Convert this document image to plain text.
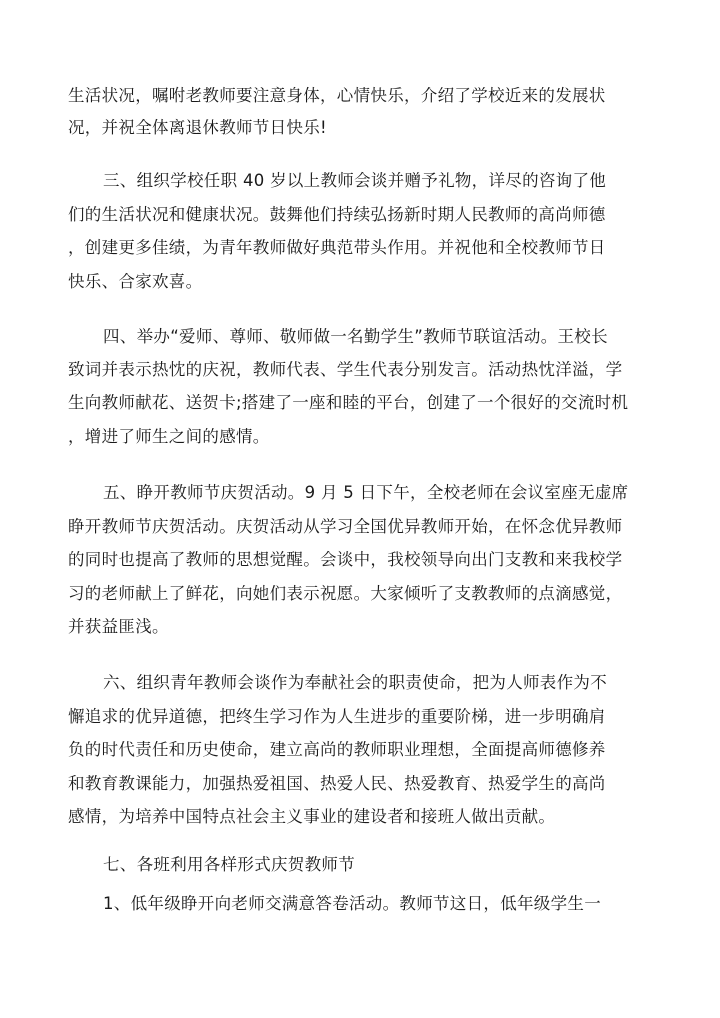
生活状况，嘱咐老教师要注意身体，心情快乐，介绍了学校近来的发展状
况，并祝全体离退休教师节日快乐!
三、组织学校任职 40 岁以上教师会谈并赠予礼物，详尽的咨询了他
们的生活状况和健康状况。鼓舞他们持续弘扬新时期人民教师的高尚师德
，创建更多佳绩，为青年教师做好典范带头作用。并祝他和全校教师节日
快乐、合家欢喜。
四、举办“爱师、尊师、敬师做一名勤学生”教师节联谊活动。王校长
致词并表示热忱的庆祝，教师代表、学生代表分别发言。活动热忱洋溢，学
生向教师献花、送贺卡;搭建了一座和睦的平台，创建了一个很好的交流时机
，增进了师生之间的感情。
五、睁开教师节庆贺活动。9 月 5 日下午，全校老师在会议室座无虚席
睁开教师节庆贺活动。庆贺活动从学习全国优异教师开始，在怀念优异教师
的同时也提高了教师的思想觉醒。会谈中，我校领导向出门支教和来我校学
习的老师献上了鲜花，向她们表示祝愿。大家倾听了支教教师的点滴感觉，
并获益匪浅。
六、组织青年教师会谈作为奉献社会的职责使命，把为人师表作为不
懈追求的优异道德，把终生学习作为人生进步的重要阶梯，进一步明确肩
负的时代责任和历史使命，建立高尚的教师职业理想，全面提高师德修养
和教育教课能力，加强热爱祖国、热爱人民、热爱教育、热爱学生的高尚
感情，为培养中国特点社会主义事业的建设者和接班人做出贡献。
七、各班利用各样形式庆贺教师节
1、低年级睁开向老师交满意答卷活动。教师节这日，低年级学生一
